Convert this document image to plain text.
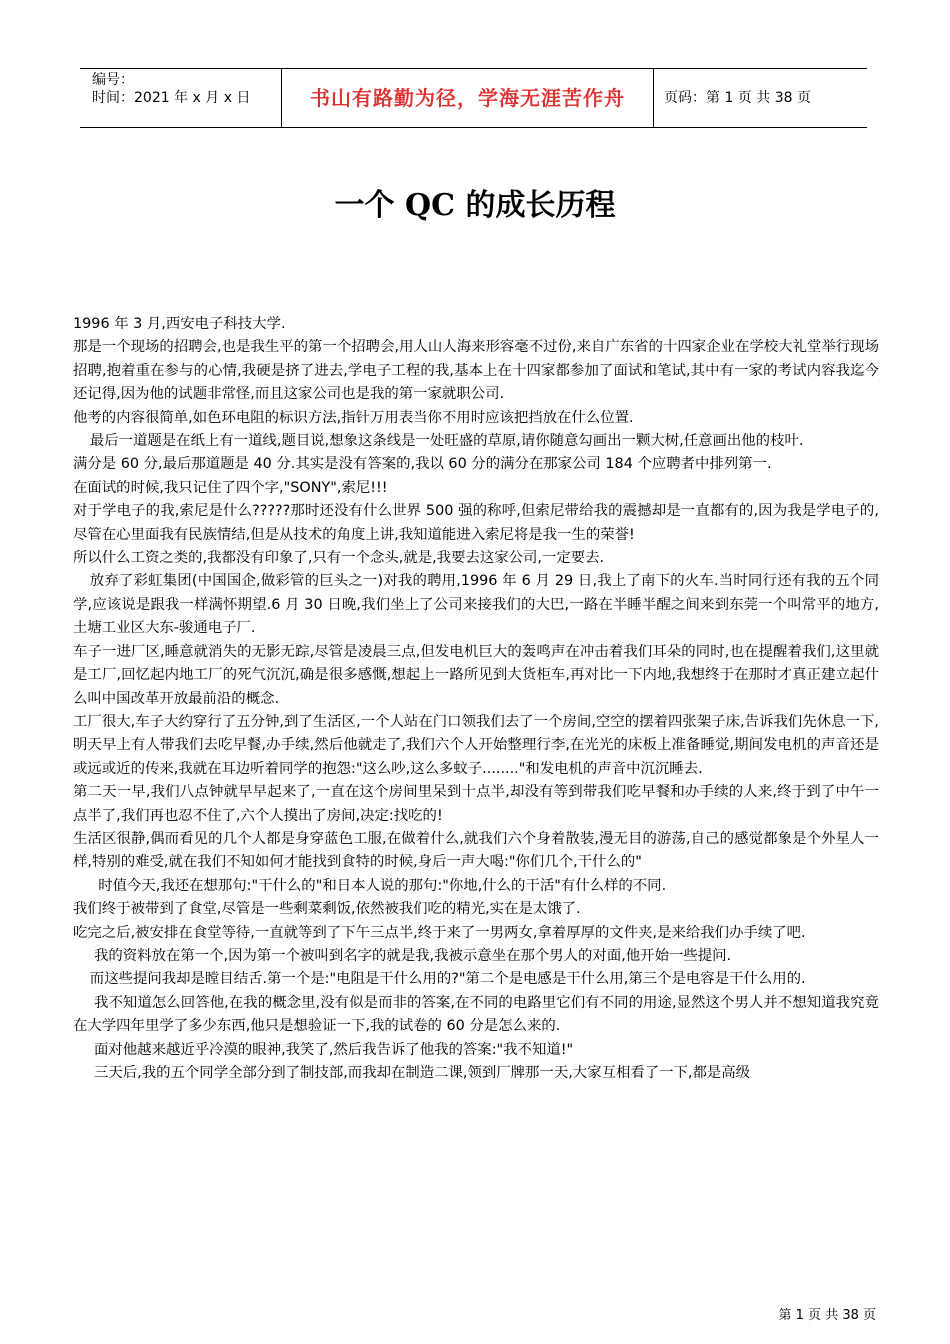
编号：
时间：2021 年 x 月 x 日	书山有路勤为径，学海无涯苦作舟	页码：第 1 页 共 38 页
一个 QC 的成长历程

1996 年 3 月,西安电子科技大学.

那是一个现场的招聘会,也是我生平的第一个招聘会,用人山人海来形容毫不过份,来自广东省的十四家企业在学校大礼堂举行现场招聘,抱着重在参与的心情,我硬是挤了进去,学电子工程的我,基本上在十四家都参加了面试和笔试,其中有一家的考试内容我迄今还记得,因为他的试题非常怪,而且这家公司也是我的第一家就职公司.

他考的内容很简单,如色环电阻的标识方法,指针万用表当你不用时应该把挡放在什么位置.

最后一道题是在纸上有一道线,题目说,想象这条线是一处旺盛的草原,请你随意勾画出一颗大树,任意画出他的枝叶.

满分是 60 分,最后那道题是 40 分.其实是没有答案的,我以 60 分的满分在那家公司 184 个应聘者中排列第一.

在面试的时候,我只记住了四个字,"SONY",索尼!!!

对于学电子的我,索尼是什么?????那时还没有什么世界 500 强的称呼,但索尼带给我的震撼却是一直都有的,因为我是学电子的,尽管在心里面我有民族情结,但是从技术的角度上讲,我知道能进入索尼将是我一生的荣誉!

所以什么工资之类的,我都没有印象了,只有一个念头,就是,我要去这家公司,一定要去.

放弃了彩虹集团(中国国企,做彩管的巨头之一)对我的聘用,1996 年 6 月 29 日,我上了南下的火车.当时同行还有我的五个同学,应该说是跟我一样满怀期望.6 月 30 日晚,我们坐上了公司来接我们的大巴,一路在半睡半醒之间来到东莞一个叫常平的地方,土塘工业区大东-骏通电子厂.

车子一进厂区,睡意就消失的无影无踪,尽管是凌晨三点,但发电机巨大的轰鸣声在冲击着我们耳朵的同时,也在提醒着我们,这里就是工厂,回忆起内地工厂的死气沉沉,确是很多感慨,想起上一路所见到大货柜车,再对比一下内地,我想终于在那时才真正建立起什么叫中国改革开放最前沿的概念.

工厂很大,车子大约穿行了五分钟,到了生活区,一个人站在门口领我们去了一个房间,空空的摆着四张架子床,告诉我们先休息一下,明天早上有人带我们去吃早餐,办手续,然后他就走了,我们六个人开始整理行李,在光光的床板上准备睡觉,期间发电机的声音还是或远或近的传来,我就在耳边听着同学的抱怨:"这么吵,这么多蚊子........"和发电机的声音中沉沉睡去.

第二天一早,我们八点钟就早早起来了,一直在这个房间里呆到十点半,却没有等到带我们吃早餐和办手续的人来,终于到了中午一点半了,我们再也忍不住了,六个人摸出了房间,决定:找吃的!

生活区很静,偶而看见的几个人都是身穿蓝色工服,在做着什么,就我们六个身着散装,漫无目的游荡,自己的感觉都象是个外星人一样,特别的难受,就在我们不知如何才能找到食特的时候,身后一声大喝:"你们几个,干什么的"

时值今天,我还在想那句:"干什么的"和日本人说的那句:"你地,什么的干活"有什么样的不同.

我们终于被带到了食堂,尽管是一些剩菜剩饭,依然被我们吃的精光,实在是太饿了.

吃完之后,被安排在食堂等待,一直就等到了下午三点半,终于来了一男两女,拿着厚厚的文件夹,是来给我们办手续了吧.

我的资料放在第一个,因为第一个被叫到名字的就是我,我被示意坐在那个男人的对面,他开始一些提问.

而这些提问我却是瞠目结舌.第一个是:"电阻是干什么用的?"第二个是电感是干什么用,第三个是电容是干什么用的.

我不知道怎么回答他,在我的概念里,没有似是而非的答案,在不同的电路里它们有不同的用途,显然这个男人并不想知道我究竟在大学四年里学了多少东西,他只是想验证一下,我的试卷的 60 分是怎么来的.

面对他越来越近乎冷漠的眼神,我笑了,然后我告诉了他我的答案:"我不知道!"

三天后,我的五个同学全部分到了制技部,而我却在制造二课,领到厂牌那一天,大家互相看了一下,都是高级

第 1 页 共 38 页
